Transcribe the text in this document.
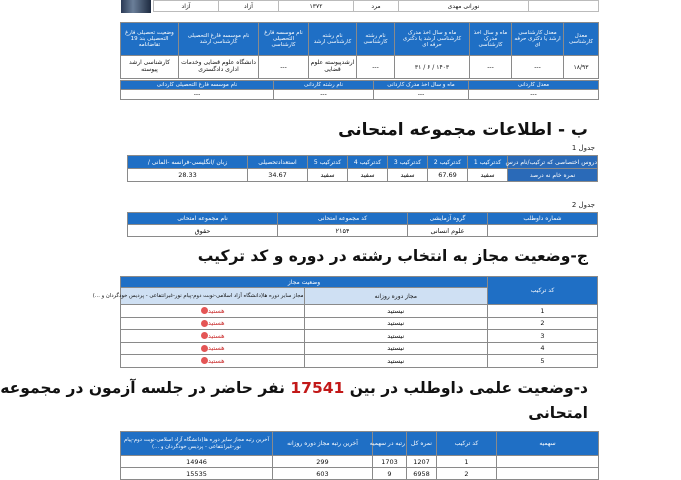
	نورانی مهدی	مرد	۱۳۷۲	آزاد	آزاد
معدل کارشناسی	معدل کارشناسی ارشد یا دکتری حرفه ای	ماه و سال اخذ مدرک کارشناسی	ماه و سال اخذ مدرک کارشناسی ارشد یا دکتری حرفه ای	نام رشته کارشناسی	نام رشته کارشناسی ارشد	نام موسسه فارغ التحصیلی کارشناسی	نام موسسه فارغ التحصیلی کارشناسی ارشد	وضعیت تحصیلی فارغ التحصیلی بند 19 تقاضانامه
۱۸/۹۳	---	---	۱۴۰۳ / ۶ / ۳۱	---	ارشدپیوسته علوم قضایی	---	دانشگاه علوم قضایی وخدمات اداری دادگستری	کارشناسی ارشد پیوسته
معدل کاردانی	ماه و سال اخذ مدرک کاردانی	نام رشته کاردانی	نام موسسه فارغ التحصیلی کاردانی
---	---	---	---
ب - اطلاعات مجموعه امتحانی
جدول 1
دروس اختصاصی که ترکیب/نام درس	کدترکیب 1	کدترکیب 2	کدترکیب 3	کدترکیب 4	کدترکیب 5	استعدادتحصیلی	زبان /انگلیسی-فرانسه -المانی /
نمره خام نه درصد	سفید	67.69	سفید	سفید	سفید	34.67	28.33
جدول 2
شماره داوطلب	گروه آزمایشی	کد مجموعه امتحانی	نام مجموعه امتحانی
	علوم انسانی	۲۱۵۴	حقوق
ج-وضعیت مجاز به انتخاب رشته در دوره و کد ترکیب
کد ترکیب	وضعیت مجاز	
	مجاز دوره روزانه	مجاز سایر دوره ها(دانشگاه آزاد اسلامی-نوبت دوم-پیام نور-غیرانتفاعی - پردیس خودگردان و ...)
1	نیستید	هستید
2	نیستید	هستید
3	نیستید	هستید
4	نیستید	هستید
5	نیستید	هستید
د-وضعیت علمی داوطلب در بین 17541 نفر حاضر در جلسه آزمون در مجموعه
امتحانی
سهمیه	کد ترکیب	نمره کل	رتبه در سهمیه	آخرین رتبه مجاز دوره روزانه	آخرین رتبه مجاز سایر دوره ها(دانشگاه آزاد اسلامی-نوبت دوم-پیام نور-غیرانتفاعی - پردیس خودگردان و ...)
	1	1207	1703	299	14946
	2	6958	9	603	15535
